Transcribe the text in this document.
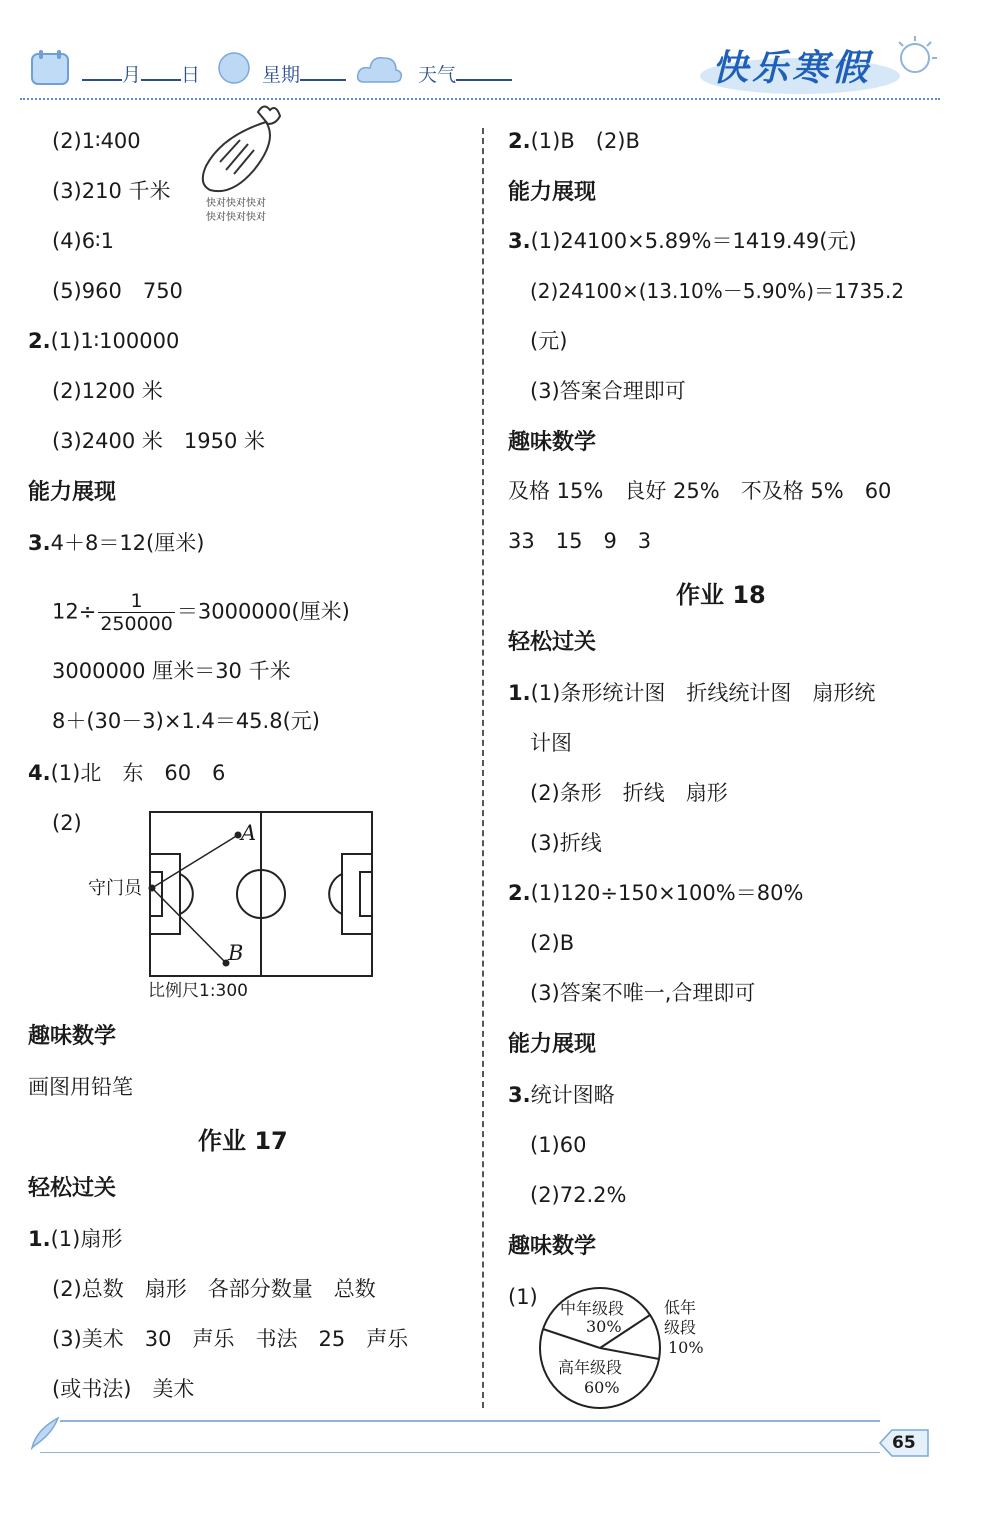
月 日	星期	天气	快乐寒假
(2)1∶400
快对快对快对
快对快对快对
(3)210 千米
(4)6∶1
(5)960　750
2.(1)1∶100000
(2)1200 米
(3)2400 米　1950 米
能力展现
3.4＋8＝12(厘米)
$12\div \frac{1}{250000} =3000000$(厘米)
3000000 厘米＝30 千米
8＋(30－3)×1.4＝45.8(元)
4.(1)北　东　60　6
(2)
守门员
A
B
比例尺1:300
趣味数学
画图用铅笔
作业 17
轻松过关
1.(1)扇形
(2)总数　扇形　各部分数量　总数
(3)美术　30　声乐　书法　25　声乐
(或书法)　美术
2.(1)B　(2)B
能力展现
3.(1)24100×5.89%＝1419.49(元)
(2)24100×(13.10%－5.90%)＝1735.2
(元)
(3)答案合理即可
趣味数学
及格 15%　良好 25%　不及格 5%　60
33　15　9　3
作业 18
轻松过关
1.(1)条形统计图　折线统计图　扇形统
计图
(2)条形　折线　扇形
(3)折线
2.(1)120÷150×100%＝80%
(2)B
(3)答案不唯一,合理即可
能力展现
3.统计图略
(1)60
(2)72.2%
趣味数学
(1) 中年级段
30%
低年
级段
10%
高年级段
60%
65
